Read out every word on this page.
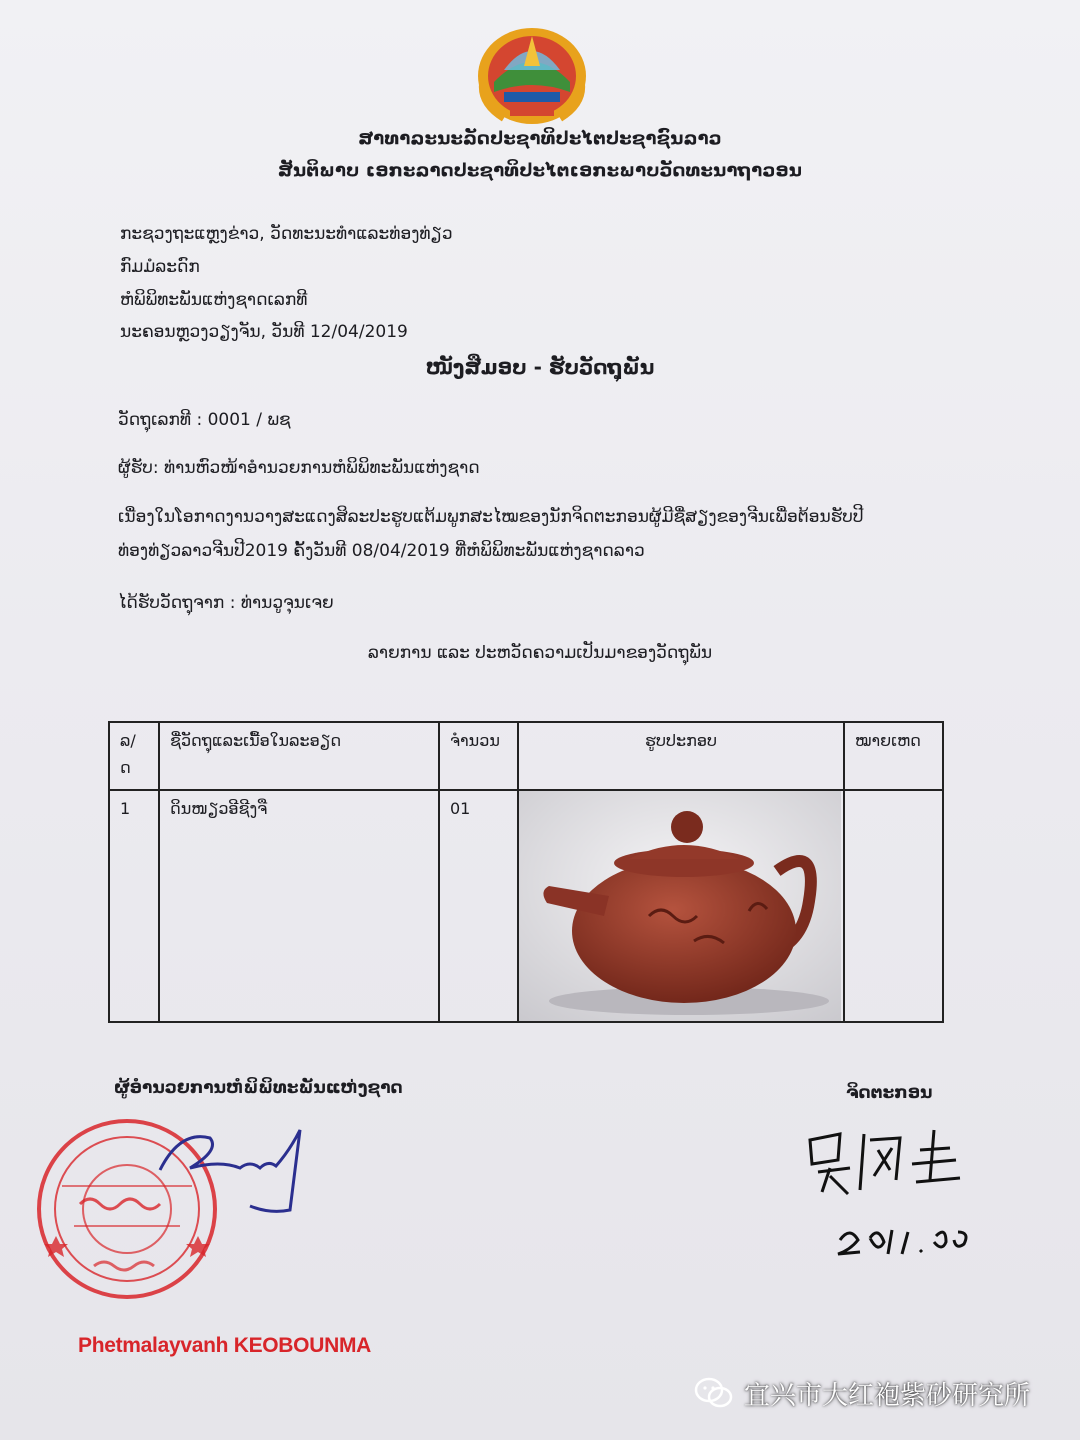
ສາທາລະນະລັດປະຊາທິປະໄຕປະຊາຊົນລາວ
ສັນຕິພາບ ເອກະລາດປະຊາທິປະໄຕເອກະພາບວັດທະນາຖາວອນ
ກະຊວງຖະແຫຼງຂ່າວ, ວັດທະນະທຳແລະທ່ອງທ່ຽວ
ກົມມໍລະດົກ
ຫໍພິພິທະພັນແຫ່ງຊາດເລກທີ
ນະຄອນຫຼວງວຽງຈັນ, ວັນທີ 12/04/2019
ໜັງສືມອບ - ຮັບວັດຖຸພັນ
ວັດຖຸເລກທີ : 0001 / ພຊ
ຜູ້ຮັບ: ທ່ານຫົວໜ້າອຳນວຍການຫໍພິພິທະພັນແຫ່ງຊາດ
ເນື່ອງໃນໂອກາດງານວາງສະແດງສິລະປະຮູບແຕ້ມພູກສະໄໝຂອງນັກຈິດຕະກອນຜູ້ມີຊື່ສຽງຂອງຈີນເພື່ອຕ້ອນຮັບປີ
ທ່ອງທ່ຽວລາວຈີນປີ2019 ຄັ້ງວັນທີ 08/04/2019 ທີ່ຫໍພິພິທະພັນແຫ່ງຊາດລາວ
ໄດ້ຮັບວັດຖຸຈາກ : ທ່ານວູຈຸນເຈຍ
ລາຍການ ແລະ ປະຫວັດຄວາມເປັນມາຂອງວັດຖຸພັນ
ລ/
ດ	ຊື່ວັດຖຸແລະເນື້ອໃນລະອຽດ	ຈຳນວນ	ຮູບປະກອບ	ໝາຍເຫດ
1	ດິນໜຽວອີຊີງຈື	01	

ຜູ້ອຳນວຍການຫໍພິພິທະພັນແຫ່ງຊາດ	ຈິດຕະກອນ
Phetmalayvanh KEOBOUNMA
宜兴市大红袍紫砂研究所
